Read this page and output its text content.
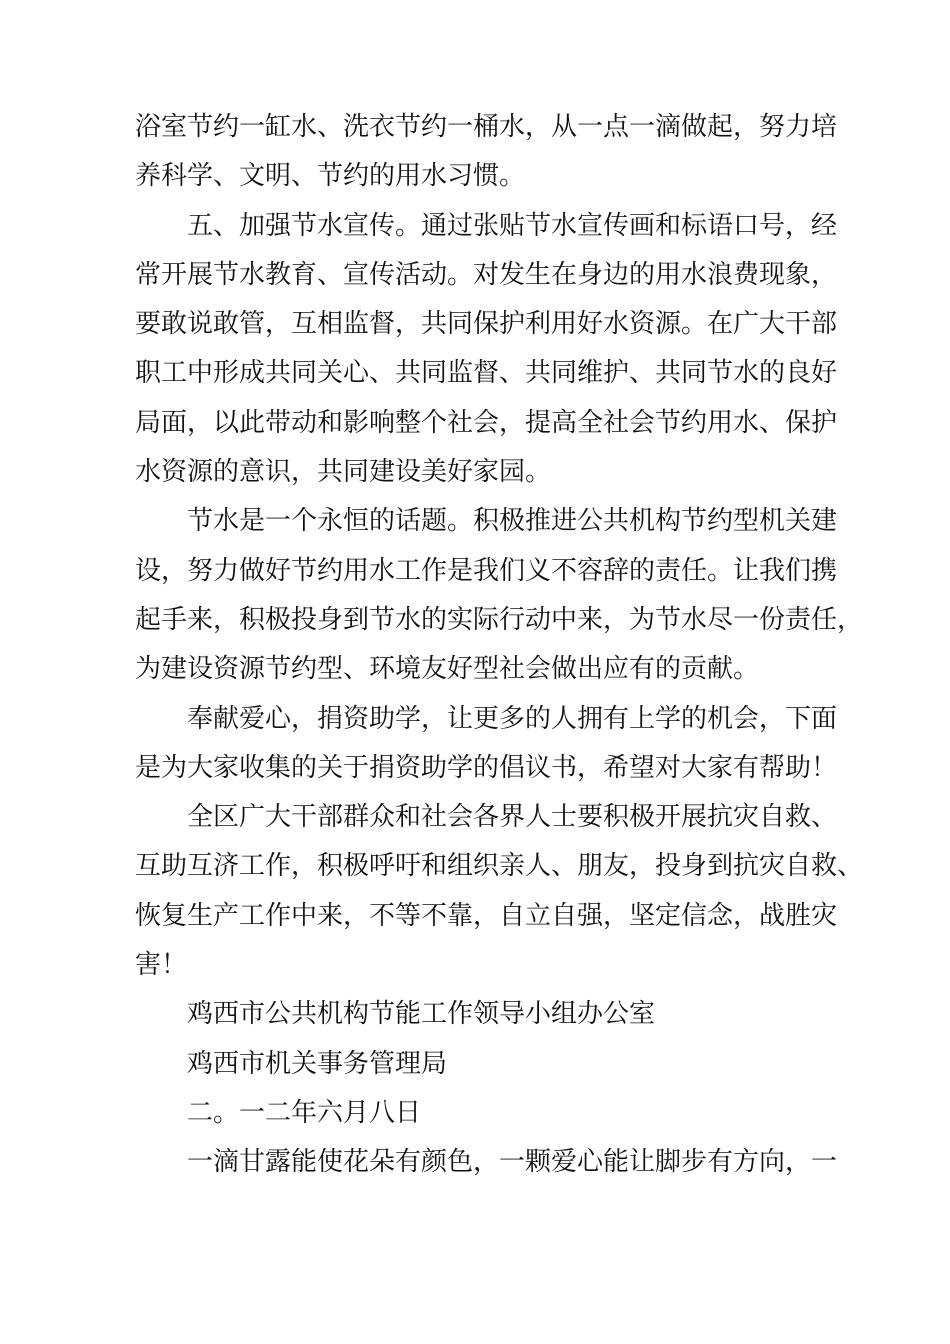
浴室节约一缸水、洗衣节约一桶水，从一点一滴做起，努力培
养科学、文明、节约的用水习惯。
五、加强节水宣传。通过张贴节水宣传画和标语口号，经
常开展节水教育、宣传活动。对发生在身边的用水浪费现象，
要敢说敢管，互相监督，共同保护利用好水资源。在广大干部
职工中形成共同关心、共同监督、共同维护、共同节水的良好
局面，以此带动和影响整个社会，提高全社会节约用水、保护
水资源的意识，共同建设美好家园。
节水是一个永恒的话题。积极推进公共机构节约型机关建
设，努力做好节约用水工作是我们义不容辞的责任。让我们携
起手来，积极投身到节水的实际行动中来，为节水尽一份责任，
为建设资源节约型、环境友好型社会做出应有的贡献。
奉献爱心，捐资助学，让更多的人拥有上学的机会，下面
是为大家收集的关于捐资助学的倡议书，希望对大家有帮助！
全区广大干部群众和社会各界人士要积极开展抗灾自救、
互助互济工作，积极呼吁和组织亲人、朋友，投身到抗灾自救、
恢复生产工作中来，不等不靠，自立自强，坚定信念，战胜灾
害！
鸡西市公共机构节能工作领导小组办公室
鸡西市机关事务管理局
二。一二年六月八日
一滴甘露能使花朵有颜色，一颗爱心能让脚步有方向，一
